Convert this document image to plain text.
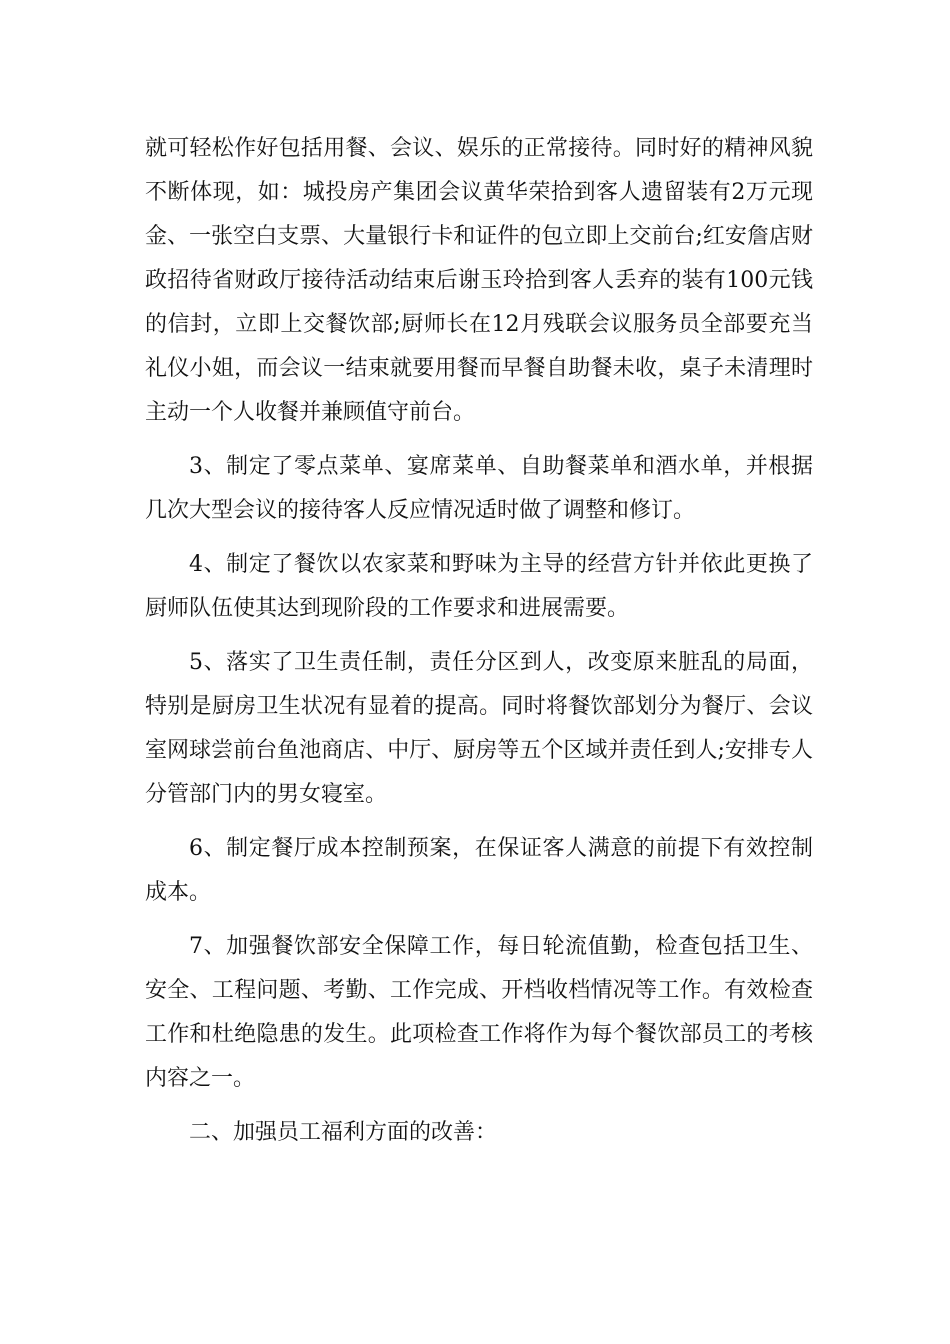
就可轻松作好包括用餐、会议、娱乐的正常接待。同时好的精神风貌不断体现，如：城投房产集团会议黄华荣拾到客人遗留装有2万元现金、一张空白支票、大量银行卡和证件的包立即上交前台;红安詹店财政招待省财政厅接待活动结束后谢玉玲拾到客人丢弃的装有100元钱的信封，立即上交餐饮部;厨师长在12月残联会议服务员全部要充当礼仪小姐，而会议一结束就要用餐而早餐自助餐未收，桌子未清理时主动一个人收餐并兼顾值守前台。

3、制定了零点菜单、宴席菜单、自助餐菜单和酒水单，并根据几次大型会议的接待客人反应情况适时做了调整和修订。

4、制定了餐饮以农家菜和野味为主导的经营方针并依此更换了厨师队伍使其达到现阶段的工作要求和进展需要。

5、落实了卫生责任制，责任分区到人，改变原来脏乱的局面，特别是厨房卫生状况有显着的提高。同时将餐饮部划分为餐厅、会议室网球尝前台鱼池商店、中厅、厨房等五个区域并责任到人;安排专人分管部门内的男女寝室。

6、制定餐厅成本控制预案，在保证客人满意的前提下有效控制成本。

7、加强餐饮部安全保障工作，每日轮流值勤，检查包括卫生、安全、工程问题、考勤、工作完成、开档收档情况等工作。有效检查工作和杜绝隐患的发生。此项检查工作将作为每个餐饮部员工的考核内容之一。

二、加强员工福利方面的改善：
